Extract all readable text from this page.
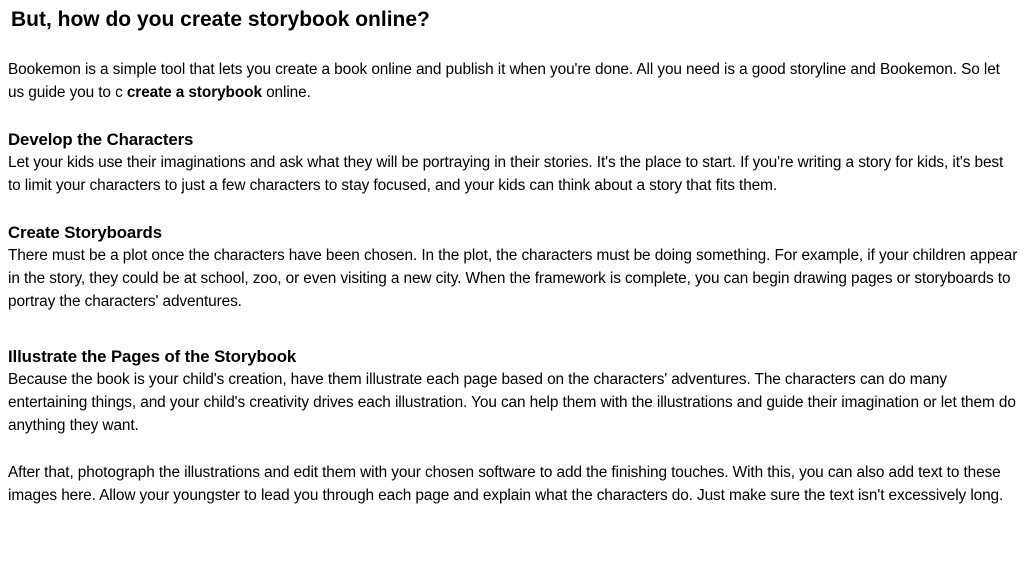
But, how do you create storybook online?

Bookemon is a simple tool that lets you create a book online and publish it when you're done. All you need is a good storyline and Bookemon. So let us guide you to c create a storybook online.

Develop the Characters

Let your kids use their imaginations and ask what they will be portraying in their stories. It's the place to start. If you're writing a story for kids, it's best to limit your characters to just a few characters to stay focused, and your kids can think about a story that fits them.

Create Storyboards

There must be a plot once the characters have been chosen. In the plot, the characters must be doing something. For example, if your children appear in the story, they could be at school, zoo, or even visiting a new city. When the framework is complete, you can begin drawing pages or storyboards to portray the characters' adventures.

Illustrate the Pages of the Storybook

Because the book is your child's creation, have them illustrate each page based on the characters' adventures. The characters can do many entertaining things, and your child's creativity drives each illustration. You can help them with the illustrations and guide their imagination or let them do anything they want.

After that, photograph the illustrations and edit them with your chosen software to add the finishing touches. With this, you can also add text to these images here. Allow your youngster to lead you through each page and explain what the characters do. Just make sure the text isn't excessively long.
